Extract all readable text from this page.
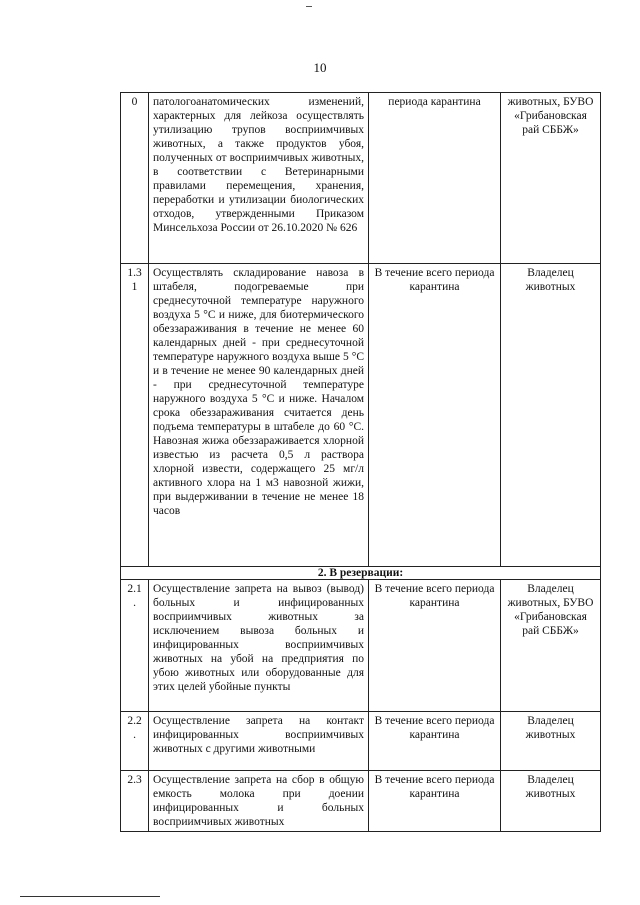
10
0	патологоанатомических изменений, характерных для лейкоза осуществлять утилизацию трупов восприимчивых животных, а также продуктов убоя, полученных от восприимчивых животных, в соответствии с Ветеринарными правилами перемещения, хранения, переработки и утилизации биологических отходов, утвержденными Приказом Минсельхоза России от 26.10.2020 № 626	периода карантина	животных, БУВО «Грибановская рай СББЖ»
1.3 1	Осуществлять складирование навоза в штабеля, подогреваемые при среднесуточной температуре наружного воздуха 5 °С и ниже, для биотермического обеззараживания в течение не менее 60 календарных дней - при среднесуточной температуре наружного воздуха выше 5 °С и в течение не менее 90 календарных дней - при среднесуточной температуре наружного воздуха 5 °С и ниже. Началом срока обеззараживания считается день подъема температуры в штабеле до 60 °С. Навозная жижа обеззараживается хлорной известью из расчета 0,5 л раствора хлорной извести, содержащего 25 мг/л активного хлора на 1 м3 навозной жижи, при выдерживании в течение не менее 18 часов	В течение всего периода карантина	Владелец животных
2. В резервации:			
2.1 .	Осуществление запрета на вывоз (вывод) больных и инфицированных восприимчивых животных за исключением вывоза больных и инфицированных восприимчивых животных на убой на предприятия по убою животных или оборудованные для этих целей убойные пункты	В течение всего периода карантина	Владелец животных, БУВО «Грибановская рай СББЖ»
2.2 .	Осуществление запрета на контакт инфицированных восприимчивых животных с другими животными	В течение всего периода карантина	Владелец животных
2.3	Осуществление запрета на сбор в общую емкость молока при доении инфицированных и больных восприимчивых животных	В течение всего периода карантина	Владелец животных
